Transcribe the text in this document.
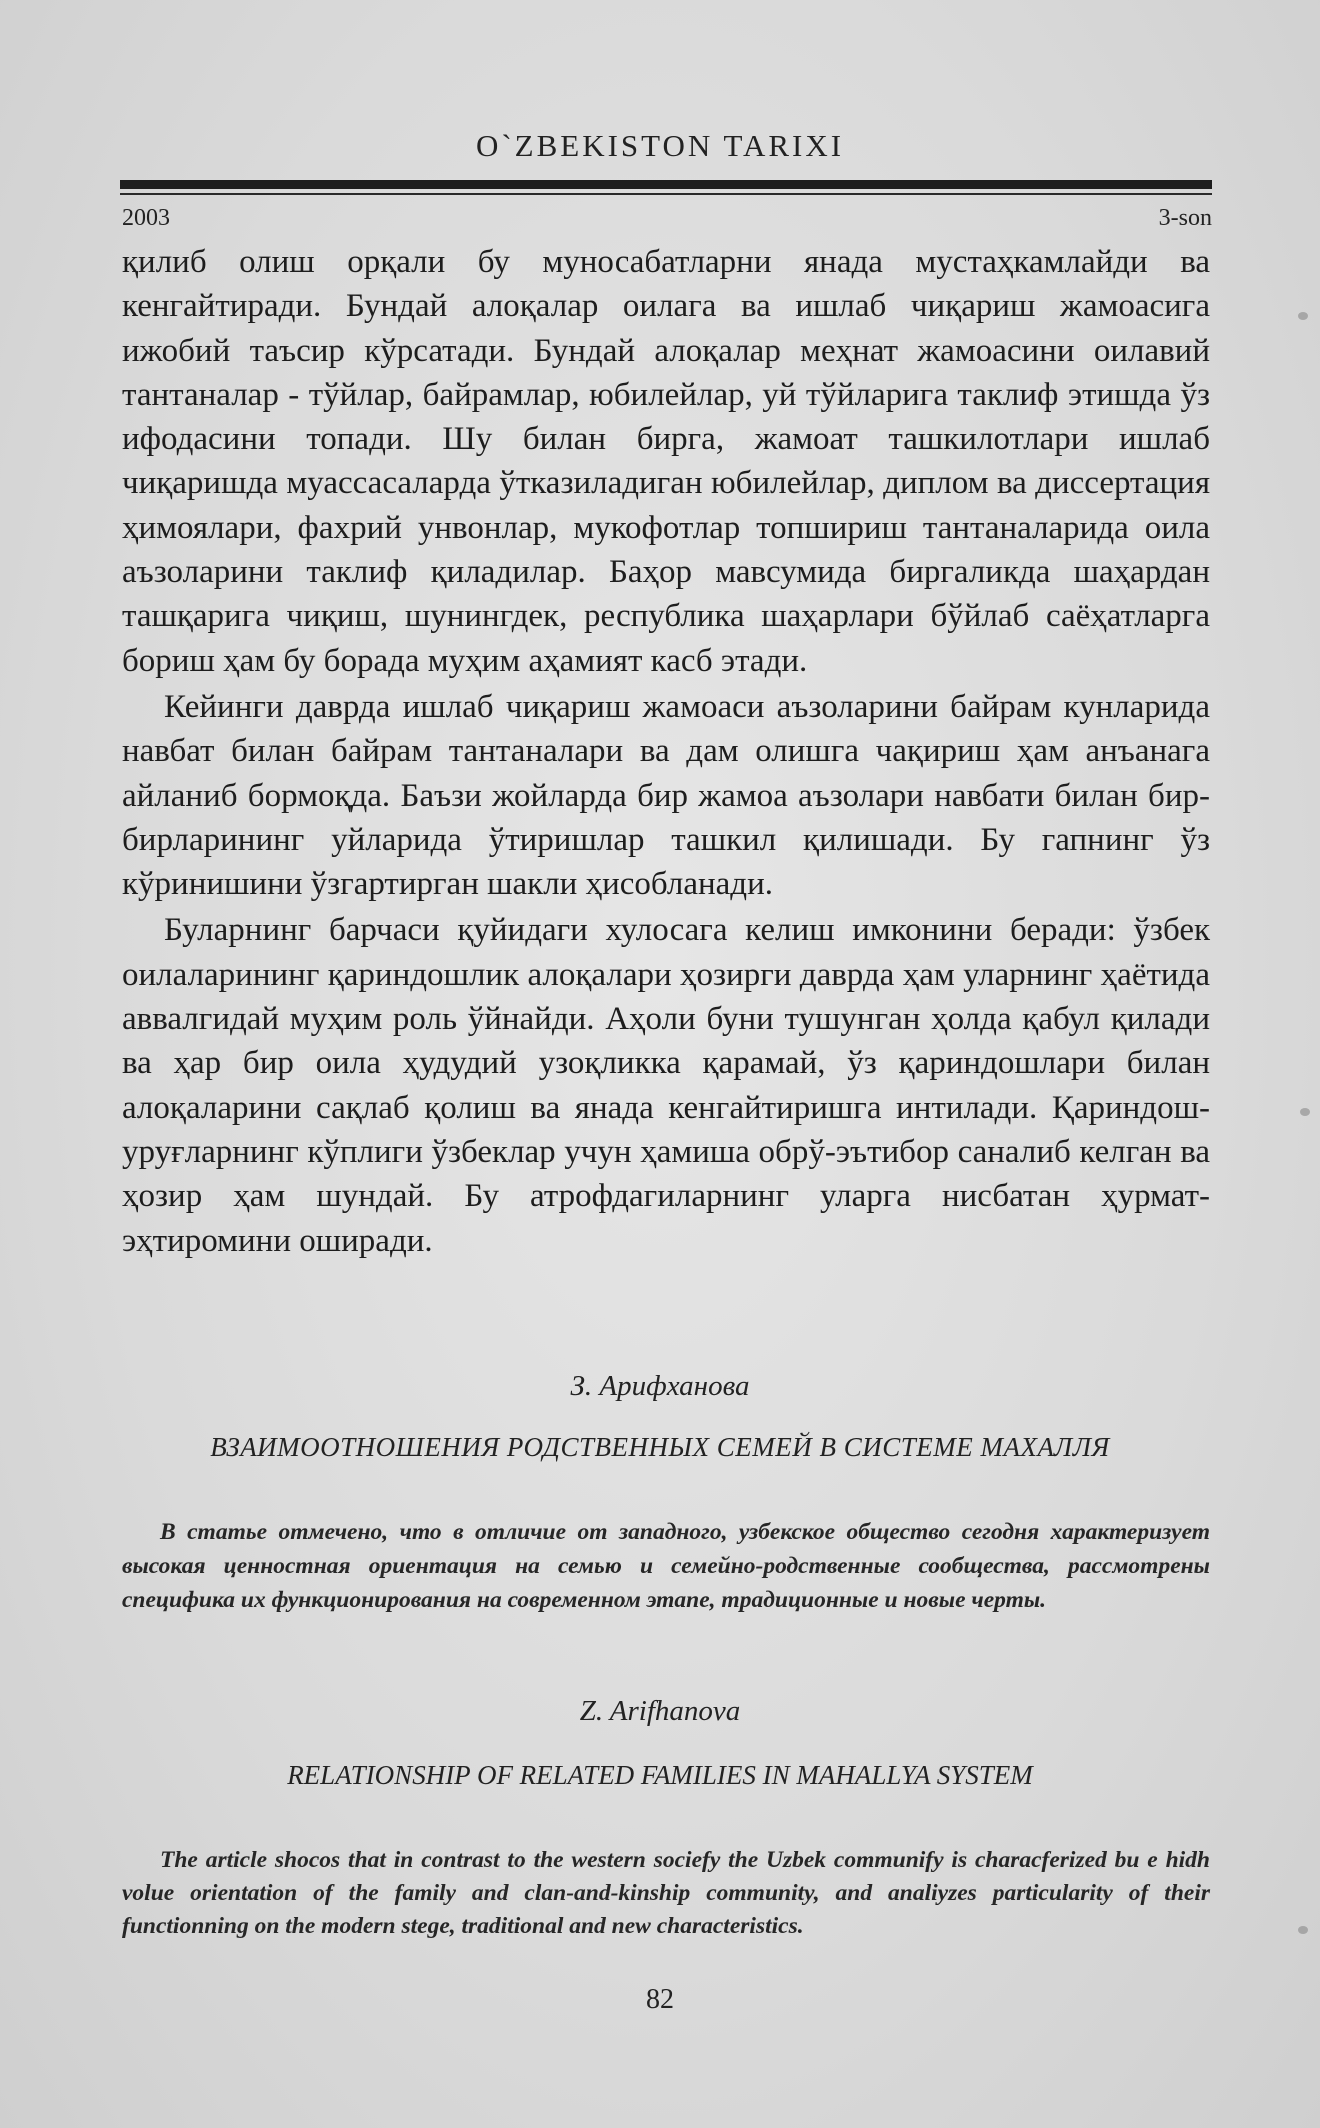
O`ZBEKISTON TARIXI
2003	3-son

қилиб олиш орқали бу муносабатларни янада мустаҳкамлайди ва кенгайтиради. Бундай алоқалар оилага ва ишлаб чиқариш жамоасига ижобий таъсир кўрсатади. Бундай алоқалар меҳнат жамоасини оилавий тантаналар - тўйлар, байрамлар, юбилейлар, уй тўйларига таклиф этишда ўз ифодасини топади. Шу билан бирга, жамоат ташкилотлари ишлаб чиқаришда муассасаларда ўтказиладиган юбилейлар, диплом ва диссертация ҳимоялари, фахрий унвонлар, мукофотлар топшириш тантаналарида оила аъзоларини таклиф қиладилар. Баҳор мавсумида биргаликда шаҳардан ташқарига чиқиш, шунингдек, республика шаҳарлари бўйлаб саёҳатларга бориш ҳам бу борада муҳим аҳамият касб этади.

Кейинги даврда ишлаб чиқариш жамоаси аъзоларини байрам кунларида навбат билан байрам тантаналари ва дам олишга чақириш ҳам анъанага айланиб бормоқда. Баъзи жойларда бир жамоа аъзолари навбати билан бир-бирларининг уйларида ўтиришлар ташкил қилишади. Бу гапнинг ўз кўринишини ўзгартирган шакли ҳисобланади.

Буларнинг барчаси қуйидаги хулосага келиш имконини беради: ўзбек оилаларининг қариндошлик алоқалари ҳозирги даврда ҳам уларнинг ҳаётида аввалгидай муҳим роль ўйнайди. Аҳоли буни тушунган ҳолда қабул қилади ва ҳар бир оила ҳудудий узоқликка қарамай, ўз қариндошлари билан алоқаларини сақлаб қолиш ва янада кенгайтиришга интилади. Қариндош-уруғларнинг кўплиги ўзбеклар учун ҳамиша обрў-эътибор саналиб келган ва ҳозир ҳам шундай. Бу атрофдагиларнинг уларга нисбатан ҳурмат-эҳтиромини оширади.

З. Арифханова
ВЗАИМООТНОШЕНИЯ РОДСТВЕННЫХ СЕМЕЙ В СИСТЕМЕ МАХАЛЛЯ
В статье отмечено, что в отличие от западного, узбекское общество сегодня характеризует высокая ценностная ориентация на семью и семейно-родственные сообщества, рассмотрены специфика их функционирования на современном этапе, традиционные и новые черты.
Z. Arifhanova
RELATIONSHIP OF RELATED FAMILIES IN MAHALLYA SYSTEM
The article shocos that in contrast to the western sociefy the Uzbek communify is characferized bu e hidh volue orientation of the family and clan-and-kinship community, and analiyzes particularity of their functionning on the modern stege, traditional and new characteristics.
82
